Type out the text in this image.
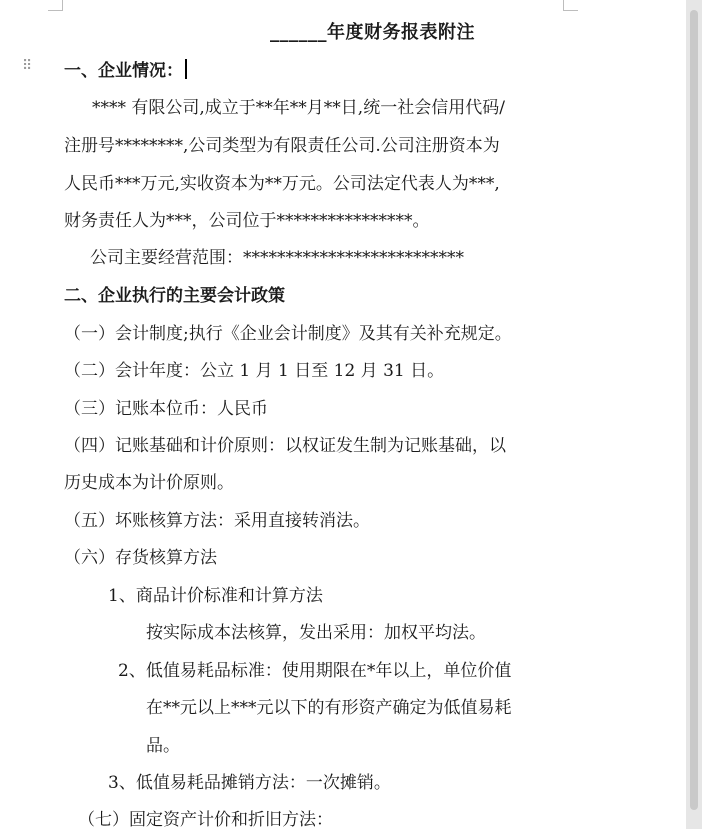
______年度财务报表附注
⠿ 一、企业情况：
**** 有限公司,成立于**年**月**日,统一社会信用代码/
注册号********,公司类型为有限责任公司.公司注册资本为
人民币***万元,实收资本为**万元。公司法定代表人为***,
财务责任人为***，公司位于****************。
公司主要经营范围：**************************
二、企业执行的主要会计政策
（一）会计制度;执行《企业会计制度》及其有关补充规定。
（二）会计年度：公立 1 月 1 日至 12 月 31 日。
（三）记账本位币：人民币
（四）记账基础和计价原则：以权证发生制为记账基础，以
历史成本为计价原则。
（五）坏账核算方法：采用直接转消法。
（六）存货核算方法
1、商品计价标准和计算方法
按实际成本法核算，发出采用：加权平均法。
2、低值易耗品标准：使用期限在*年以上，单位价值
在**元以上***元以下的有形资产确定为低值易耗
品。
3、低值易耗品摊销方法：一次摊销。
（七）固定资产计价和折旧方法：
